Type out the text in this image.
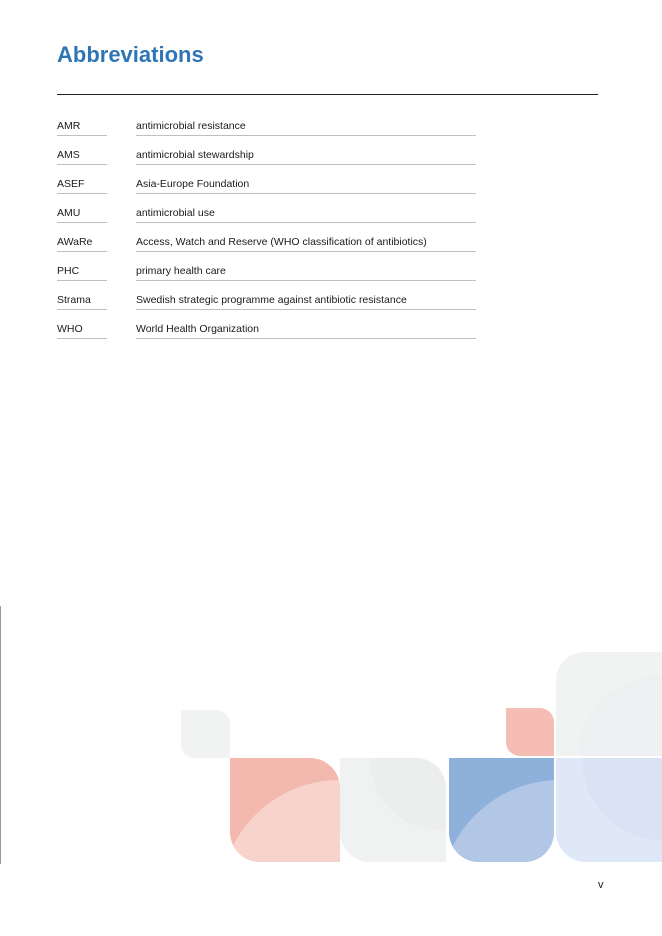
Abbreviations
AMR	antimicrobial resistance
AMS	antimicrobial stewardship
ASEF	Asia-Europe Foundation
AMU	antimicrobial use
AWaRe	Access, Watch and Reserve (WHO classification of antibiotics)
PHC	primary health care
Strama	Swedish strategic programme against antibiotic resistance
WHO	World Health Organization
v
